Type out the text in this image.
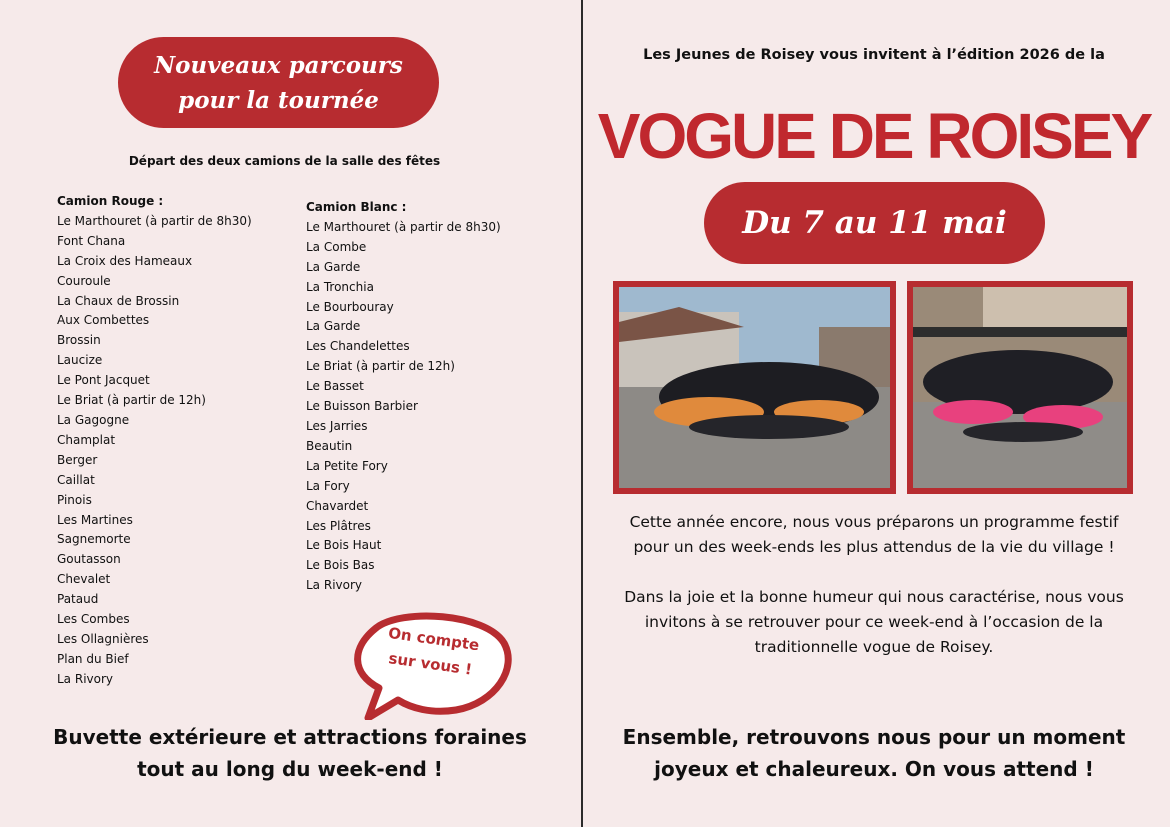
Nouveaux parcours
pour la tournée
Départ des deux camions de la salle des fêtes
Camion Rouge :
Le Marthouret (à partir de 8h30)
Font Chana
La Croix des Hameaux
Couroule
La Chaux de Brossin
Aux Combettes
Brossin
Laucize
Le Pont Jacquet
Le Briat (à partir de 12h)
La Gagogne
Champlat
Berger
Caillat
Pinois
Les Martines
Sagnemorte
Goutasson
Chevalet
Pataud
Les Combes
Les Ollagnières
Plan du Bief
La Rivory
Camion Blanc :
Le Marthouret (à partir de 8h30)
La Combe
La Garde
La Tronchia
Le Bourbouray
La Garde
Les Chandelettes
Le Briat (à partir de 12h)
Le Basset
Le Buisson Barbier
Les Jarries
Beautin
La Petite Fory
La Fory
Chavardet
Les Plâtres
Le Bois Haut
Le Bois Bas
La Rivory
On compte
sur vous !
Buvette extérieure et attractions foraines
tout au long du week-end !
Les Jeunes de Roisey vous invitent à l’édition 2026 de la
VOGUE DE ROISEY
Du 7 au 11 mai
Cette année encore, nous vous préparons un programme festif
pour un des week-ends les plus attendus de la vie du village !
Dans la joie et la bonne humeur qui nous caractérise, nous vous
invitons à se retrouver pour ce week-end à l’occasion de la
traditionnelle vogue de Roisey.
Ensemble, retrouvons nous pour un moment
joyeux et chaleureux. On vous attend !
